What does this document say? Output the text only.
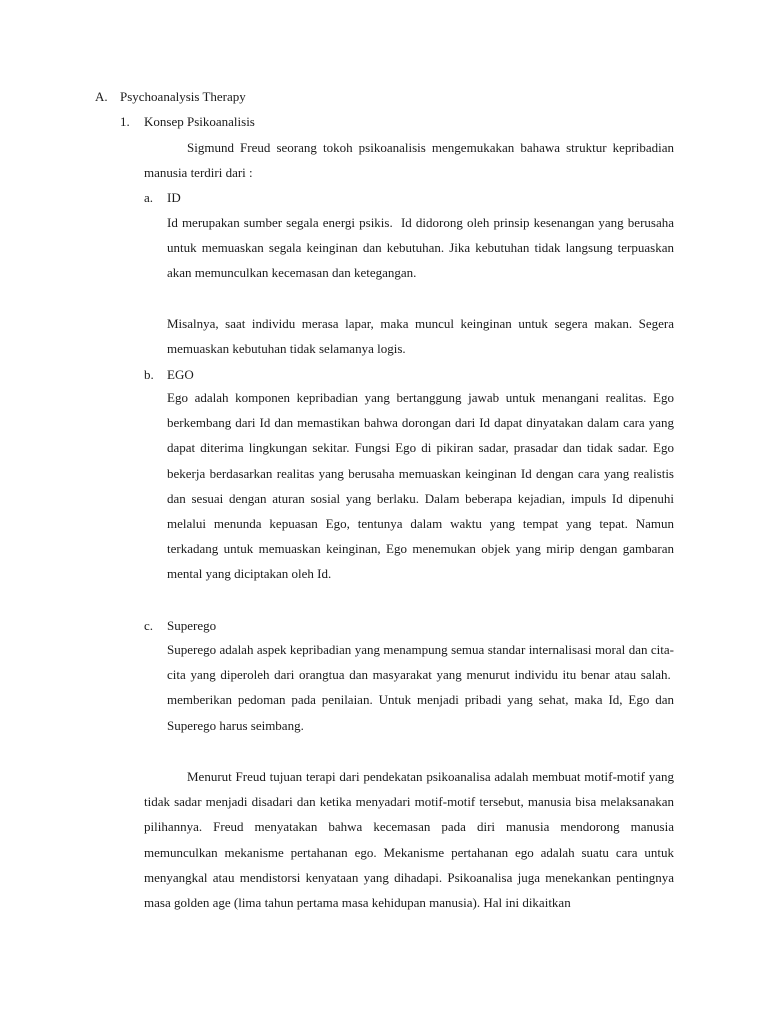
A. Psychoanalysis Therapy
1. Konsep Psikoanalisis

Sigmund Freud seorang tokoh psikoanalisis mengemukakan bahawa struktur kepribadian manusia terdiri dari :

a. ID

Id merupakan sumber segala energi psikis.  Id didorong oleh prinsip kesenangan yang berusaha untuk memuaskan segala keinginan dan kebutuhan. Jika kebutuhan tidak langsung terpuaskan akan memunculkan kecemasan dan ketegangan.

Misalnya, saat individu merasa lapar, maka muncul keinginan untuk segera makan. Segera memuaskan kebutuhan tidak selamanya logis.

b. EGO

Ego adalah komponen kepribadian yang bertanggung jawab untuk menangani realitas. Ego berkembang dari Id dan memastikan bahwa dorongan dari Id dapat dinyatakan dalam cara yang dapat diterima lingkungan sekitar. Fungsi Ego di pikiran sadar, prasadar dan tidak sadar. Ego bekerja berdasarkan realitas yang berusaha memuaskan keinginan Id dengan cara yang realistis dan sesuai dengan aturan sosial yang berlaku. Dalam beberapa kejadian, impuls Id dipenuhi melalui menunda kepuasan Ego, tentunya dalam waktu yang tempat yang tepat. Namun terkadang untuk memuaskan keinginan, Ego menemukan objek yang mirip dengan gambaran mental yang diciptakan oleh Id.

c. Superego

Superego adalah aspek kepribadian yang menampung semua standar internalisasi moral dan cita-cita yang diperoleh dari orangtua dan masyarakat yang menurut individu itu benar atau salah.  memberikan pedoman pada penilaian. Untuk menjadi pribadi yang sehat, maka Id, Ego dan Superego harus seimbang.

Menurut Freud tujuan terapi dari pendekatan psikoanalisa adalah membuat motif-motif yang tidak sadar menjadi disadari dan ketika menyadari motif-motif tersebut, manusia bisa melaksanakan pilihannya. Freud menyatakan bahwa kecemasan pada diri manusia mendorong manusia memunculkan mekanisme pertahanan ego. Mekanisme pertahanan ego adalah suatu cara untuk menyangkal atau mendistorsi kenyataan yang dihadapi. Psikoanalisa juga menekankan pentingnya masa golden age (lima tahun pertama masa kehidupan manusia). Hal ini dikaitkan
